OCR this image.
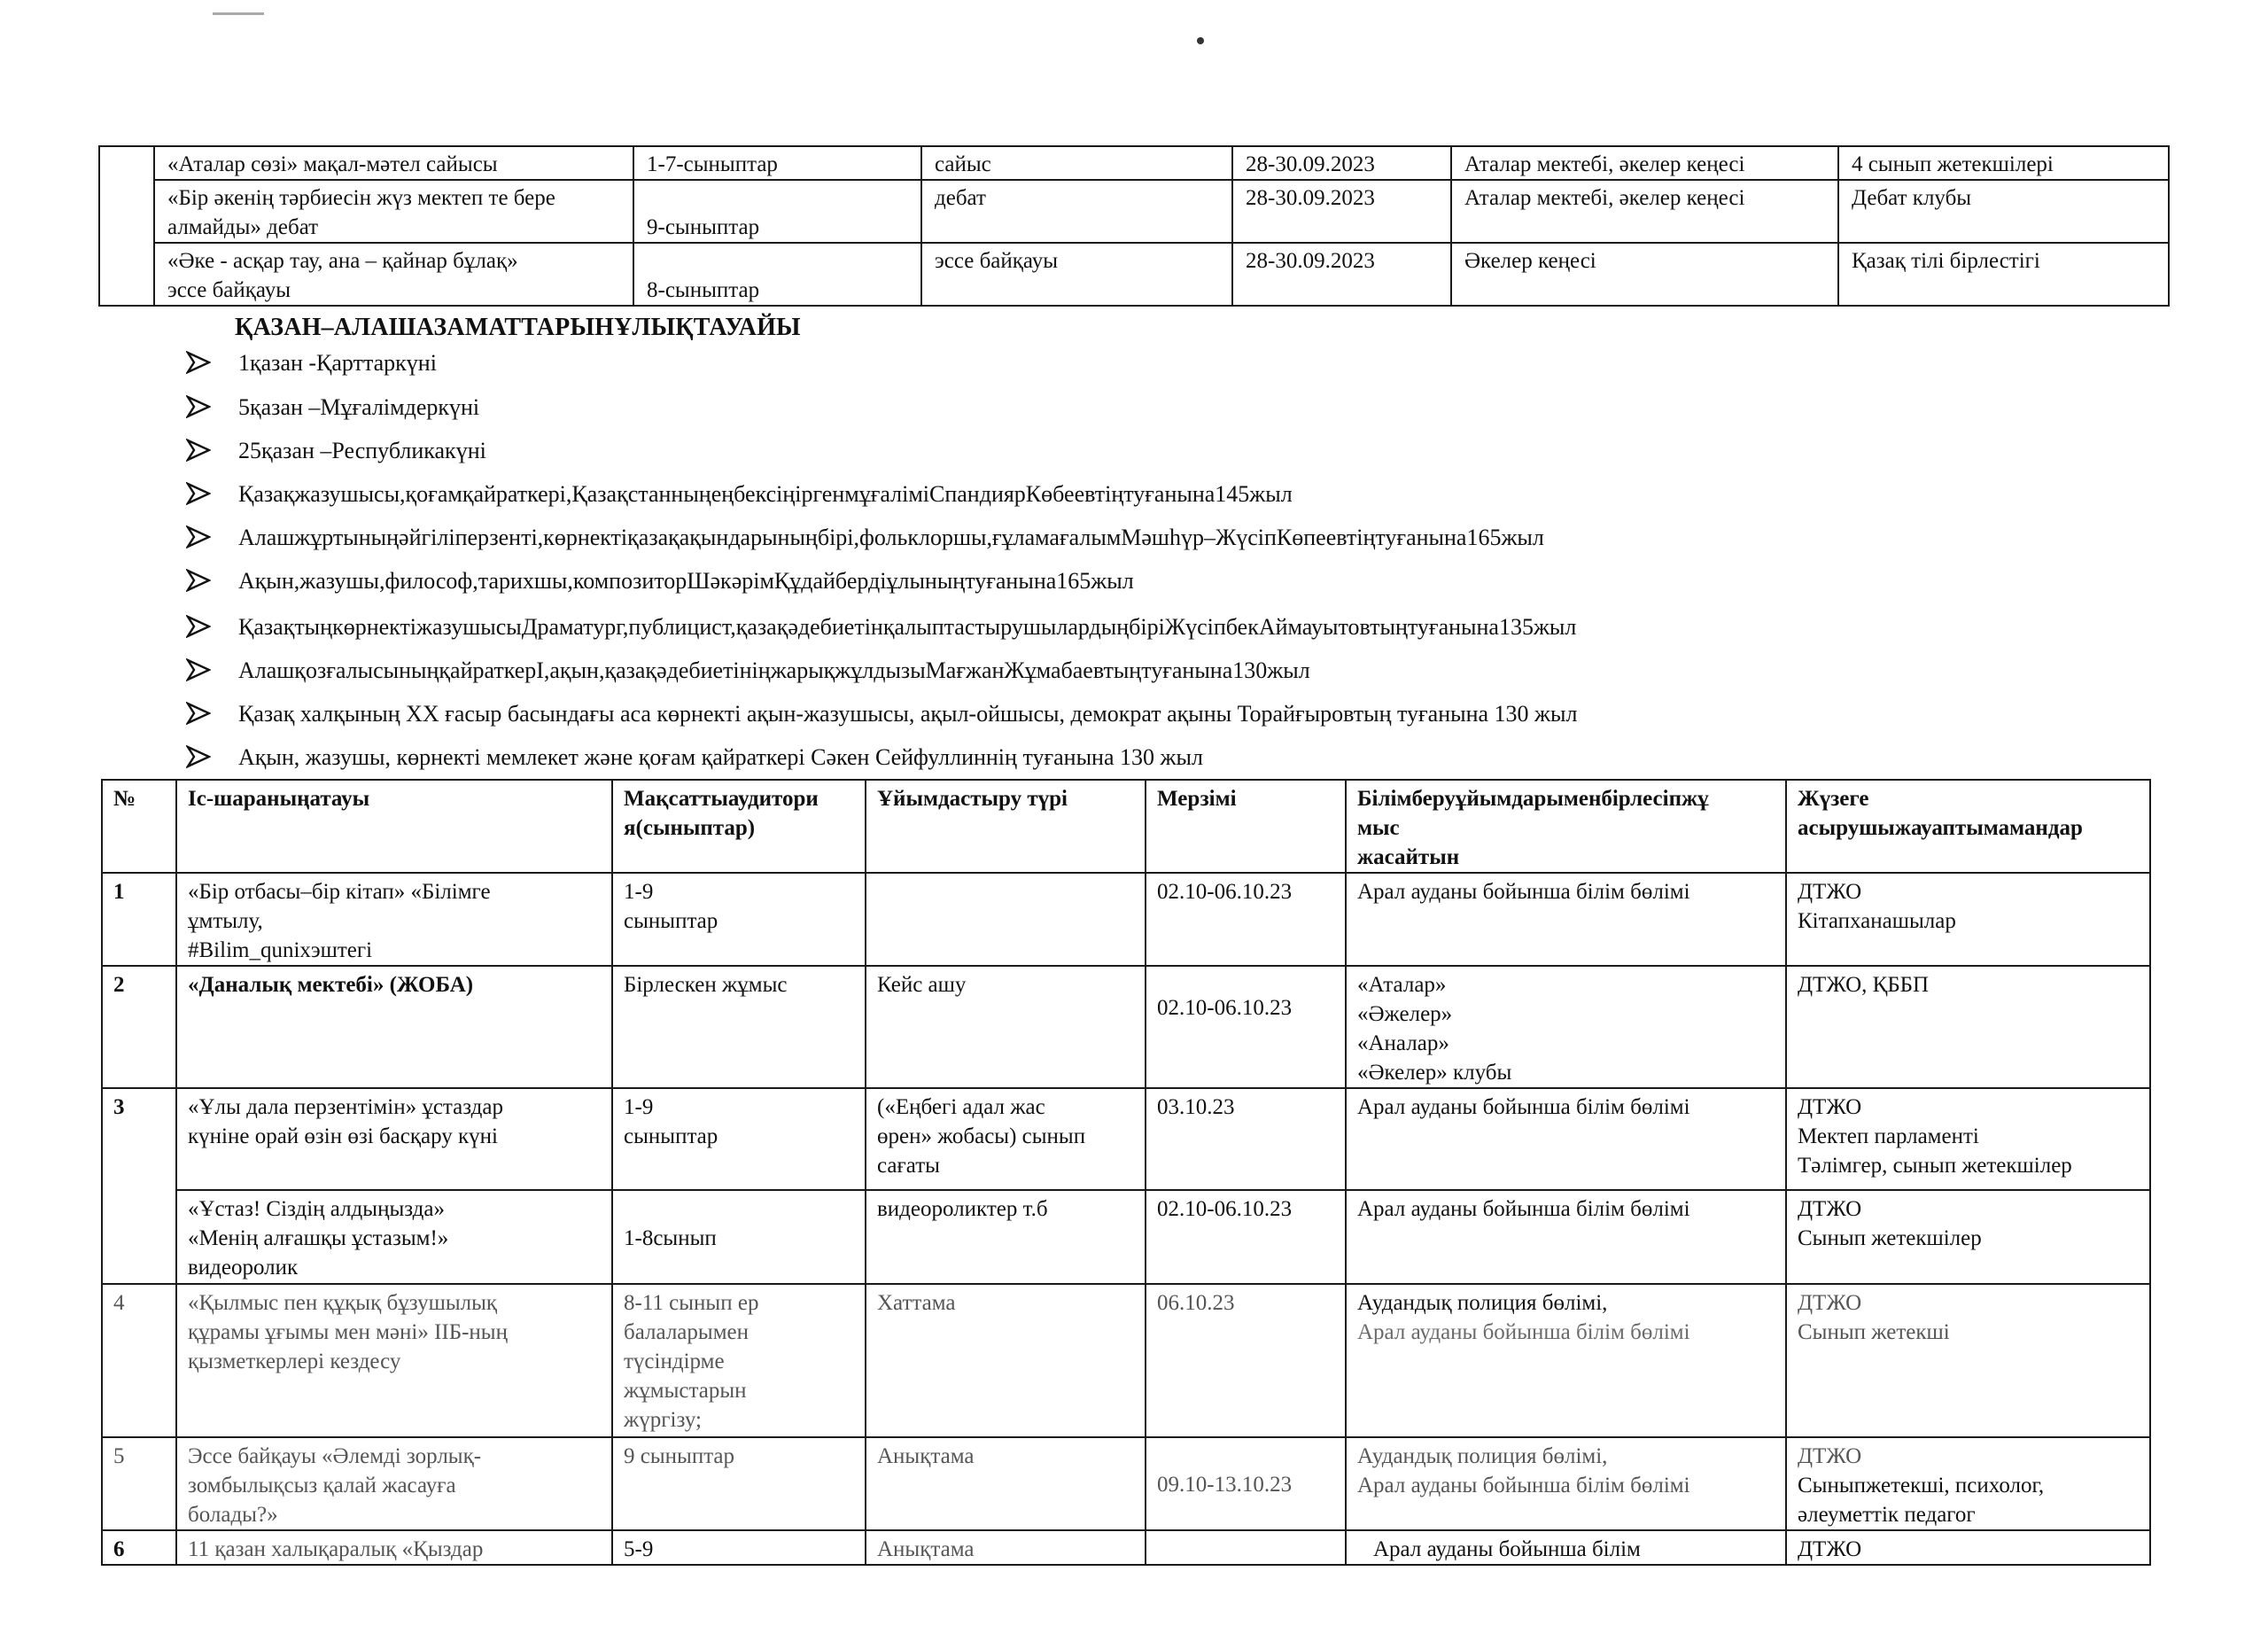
	«Аталар сөзі» мақал-мәтел сайысы	1-7-сыныптар	сайыс	28-30.09.2023	Аталар мектебі, әкелер кеңесі	4 сынып жетекшілері

	«Бір әкенің тәрбиесін жүз мектеп те бере
алмайды» дебат	9-сыныптар	дебат	28-30.09.2023	Аталар мектебі, әкелер кеңесі	Дебат клубы

	«Әке - асқар тау, ана – қайнар бұлақ»
эссе байқауы	8-сыныптар	эссе байқауы	28-30.09.2023	Әкелер кеңесі	Қазақ тілі бірлестігі
ҚАЗАН–АЛАШАЗАМАТТАРЫНҰЛЫҚТАУАЙЫ
1қазан -Қарттаркүні
5қазан –Мұғалімдеркүні
25қазан –Республикакүні
Қазақжазушысы,қоғамқайраткері,ҚазақстанныңеңбексіңіргенмұғаліміСпандиярКөбеевтіңтуғанына145жыл
Алашжұртыныңәйгіліперзенті,көрнектіқазақақындарыныңбірі,фольклоршы,ғұламағалымМәшһүр–ЖүсіпКөпеевтіңтуғанына165жыл
Ақын,жазушы,философ,тарихшы,композиторШәкәрімҚұдайбердіұлыныңтуғанына165жыл
ҚазақтыңкөрнектіжазушысыДраматург,публицист,қазақәдебиетінқалыптастырушылардыңбіріЖүсіпбекАймауытовтыңтуғанына135жыл
АлашқозғалысыныңқайраткерІ,ақын,қазақәдебиетініңжарықжұлдызыМағжанЖұмабаевтыңтуғанына130жыл
Қазақ халқының XX ғасыр басындағы аса көрнекті ақын-жазушысы, ақыл-ойшысы, демократ ақыны Торайғыровтың туғанына 130 жыл
Ақын, жазушы, көрнекті мемлекет және қоғам қайраткері Сәкен Сейфуллиннің туғанына 130 жыл
№	Іс-шараныңатауы	Мақсаттыаудитори
я(сыныптар)	Ұйымдастыру түрі	Мерзімі	Білімберуұйымдарыменбірлесіпжұ
мыс
жасайтын	Жүзеге
асырушыжауаптымамандар

1	«Бір отбасы–бір кітап» «Білімге
ұмтылу,
#Bilim_qunixэштегі	1-9
сыныптар		02.10-06.10.23	Арал ауданы бойынша білім бөлімі	ДТЖО
Кітапханашылар

2	«Даналық мектебі» (ЖОБА)	Бірлескен жұмыс	Кейс ашу	02.10-06.10.23	«Аталар»
«Әжелер»
«Аналар»
«Әкелер» клубы	ДТЖО, ҚББП
3	«Ұлы дала перзентімін» ұстаздар
күніне орай өзін өзі басқару күні	1-9
сыныптар	(«Еңбегі адал жас
өрен» жобасы) сынып
сағаты	03.10.23	Арал ауданы бойынша білім бөлімі	ДТЖО
Мектеп парламенті
Тәлімгер, сынып жетекшілер

	«Ұстаз! Сіздің алдыңызда»
«Менің алғашқы ұстазым!»
видеоролик	1-8сынып	видеороликтер т.б	02.10-06.10.23	Арал ауданы бойынша білім бөлімі	ДТЖО
Сынып жетекшілер

4	«Қылмыс пен құқық бұзушылық
құрамы ұғымы мен мәні» ІІБ-ның
қызметкерлері кездесу	8-11 сынып ер
балаларымен
түсіндірме
жұмыстарын
жүргізу;	Хаттама	06.10.23	Аудандық полиция бөлімі,
Арал ауданы бойынша білім бөлімі	ДТЖО
Сынып жетекші

5	Эссе байқауы «Әлемді зорлық-
зомбылықсыз қалай жасауға
болады?»	9 сыныптар	Анықтама	09.10-13.10.23	Аудандық полиция бөлімі,
Арал ауданы бойынша білім бөлімі	ДТЖО
Сыныпжетекші, психолог,
әлеуметтік педагог

6	11 қазан халықаралық «Қыздар	5-9	Анықтама		Арал ауданы бойынша білім	ДТЖО
